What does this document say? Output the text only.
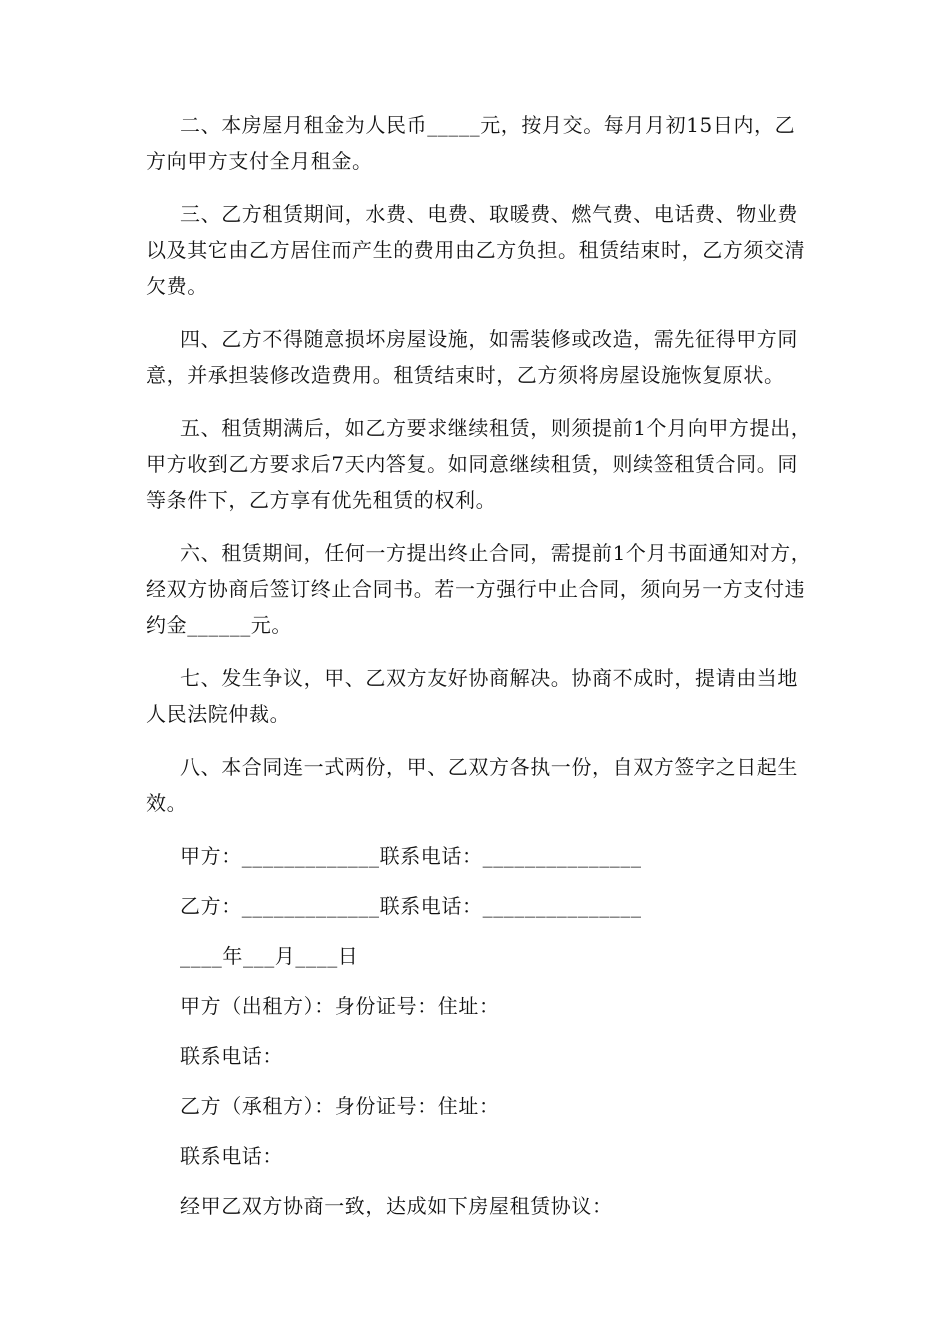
二、本房屋月租金为人民币_____元，按月交。每月月初15日内，乙方向甲方支付全月租金。

三、乙方租赁期间，水费、电费、取暖费、燃气费、电话费、物业费以及其它由乙方居住而产生的费用由乙方负担。租赁结束时，乙方须交清欠费。

四、乙方不得随意损坏房屋设施，如需装修或改造，需先征得甲方同意，并承担装修改造费用。租赁结束时，乙方须将房屋设施恢复原状。

五、租赁期满后，如乙方要求继续租赁，则须提前1个月向甲方提出，甲方收到乙方要求后7天内答复。如同意继续租赁，则续签租赁合同。同等条件下，乙方享有优先租赁的权利。

六、租赁期间，任何一方提出终止合同，需提前1个月书面通知对方，经双方协商后签订终止合同书。若一方强行中止合同，须向另一方支付违约金______元。

七、发生争议，甲、乙双方友好协商解决。协商不成时，提请由当地人民法院仲裁。

八、本合同连一式两份，甲、乙双方各执一份，自双方签字之日起生效。

甲方：_____________联系电话：_______________

乙方：_____________联系电话：_______________

____年___月____日

甲方（出租方）：身份证号：住址：

联系电话：

乙方（承租方）：身份证号：住址：

联系电话：

经甲乙双方协商一致，达成如下房屋租赁协议：
